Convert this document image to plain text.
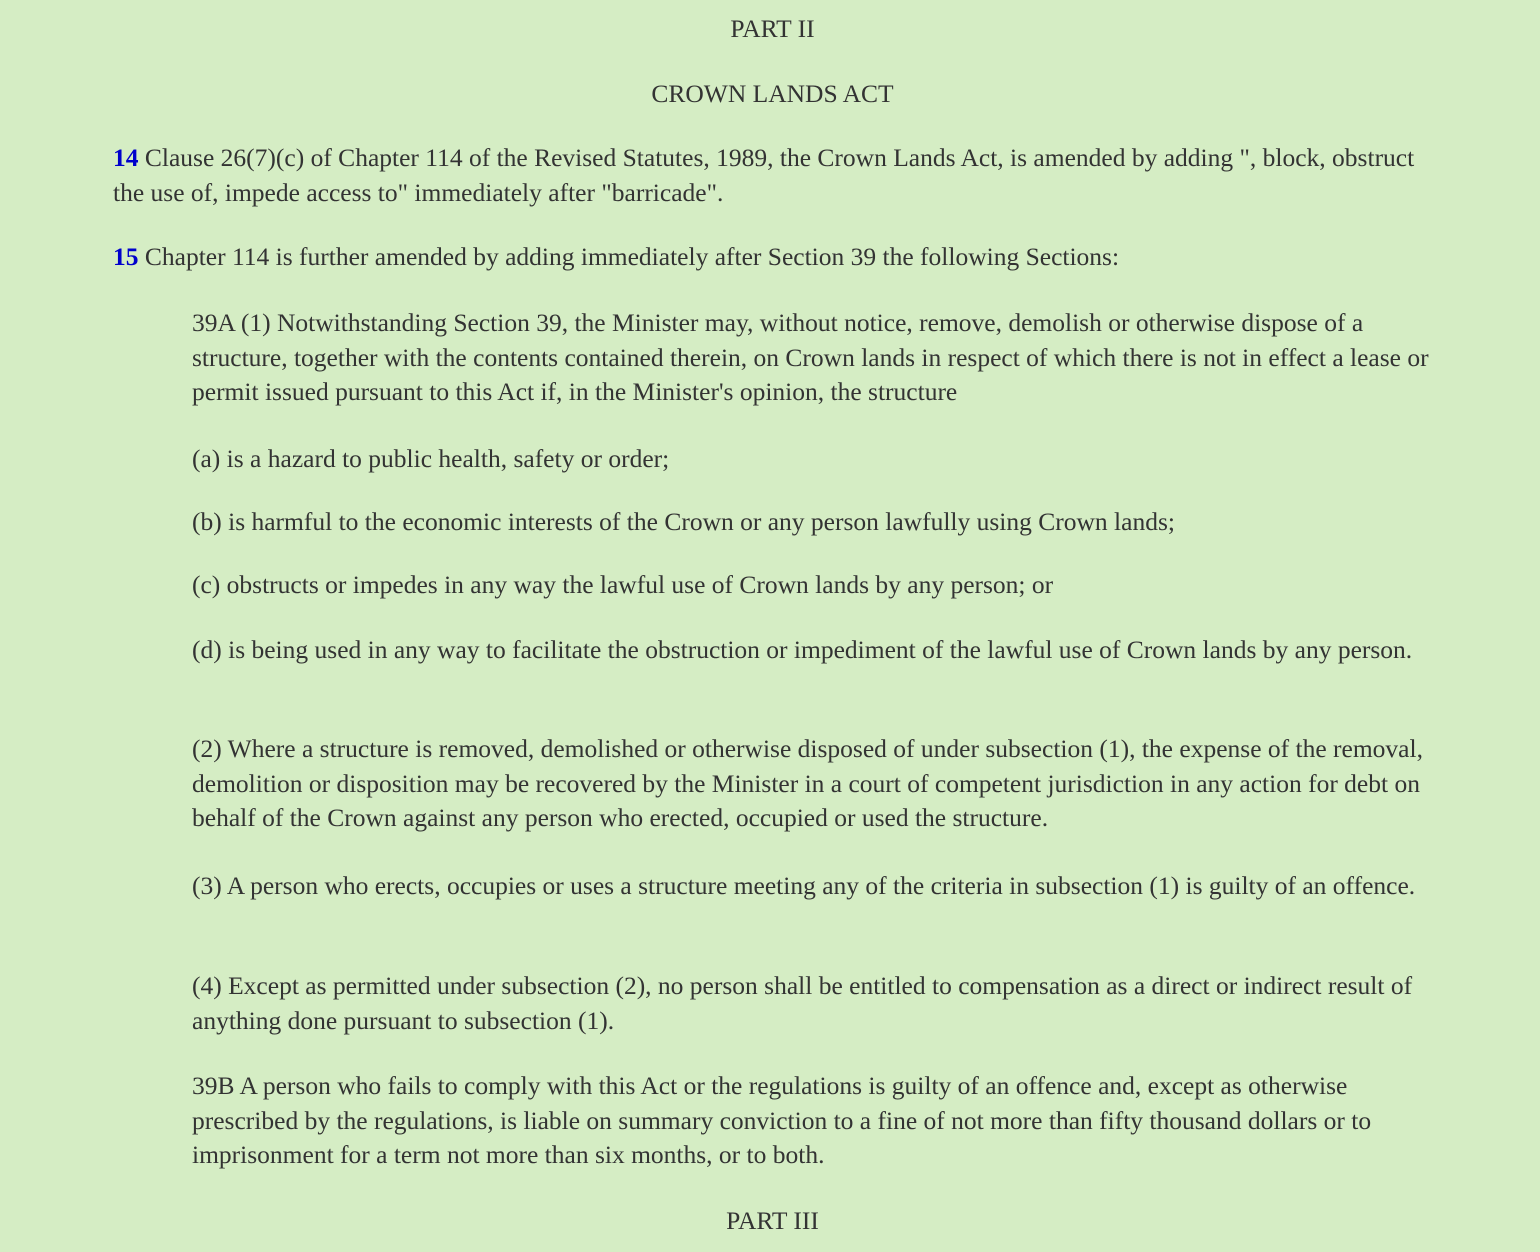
PART II
CROWN LANDS ACT

14 Clause 26(7)(c) of Chapter 114 of the Revised Statutes, 1989, the Crown Lands Act, is amended by adding ", block, obstruct the use of, impede access to" immediately after "barricade".

15 Chapter 114 is further amended by adding immediately after Section 39 the following Sections:

39A (1) Notwithstanding Section 39, the Minister may, without notice, remove, demolish or otherwise dispose of a structure, together with the contents contained therein, on Crown lands in respect of which there is not in effect a lease or permit issued pursuant to this Act if, in the Minister's opinion, the structure

(a) is a hazard to public health, safety or order;

(b) is harmful to the economic interests of the Crown or any person lawfully using Crown lands;

(c) obstructs or impedes in any way the lawful use of Crown lands by any person; or

(d) is being used in any way to facilitate the obstruction or impediment of the lawful use of Crown lands by any person.

(2) Where a structure is removed, demolished or otherwise disposed of under subsection (1), the expense of the removal, demolition or disposition may be recovered by the Minister in a court of competent jurisdiction in any action for debt on behalf of the Crown against any person who erected, occupied or used the structure.

(3) A person who erects, occupies or uses a structure meeting any of the criteria in subsection (1) is guilty of an offence.

(4) Except as permitted under subsection (2), no person shall be entitled to compensation as a direct or indirect result of anything done pursuant to subsection (1).

39B A person who fails to comply with this Act or the regulations is guilty of an offence and, except as otherwise prescribed by the regulations, is liable on summary conviction to a fine of not more than fifty thousand dollars or to imprisonment for a term not more than six months, or to both.

PART III
